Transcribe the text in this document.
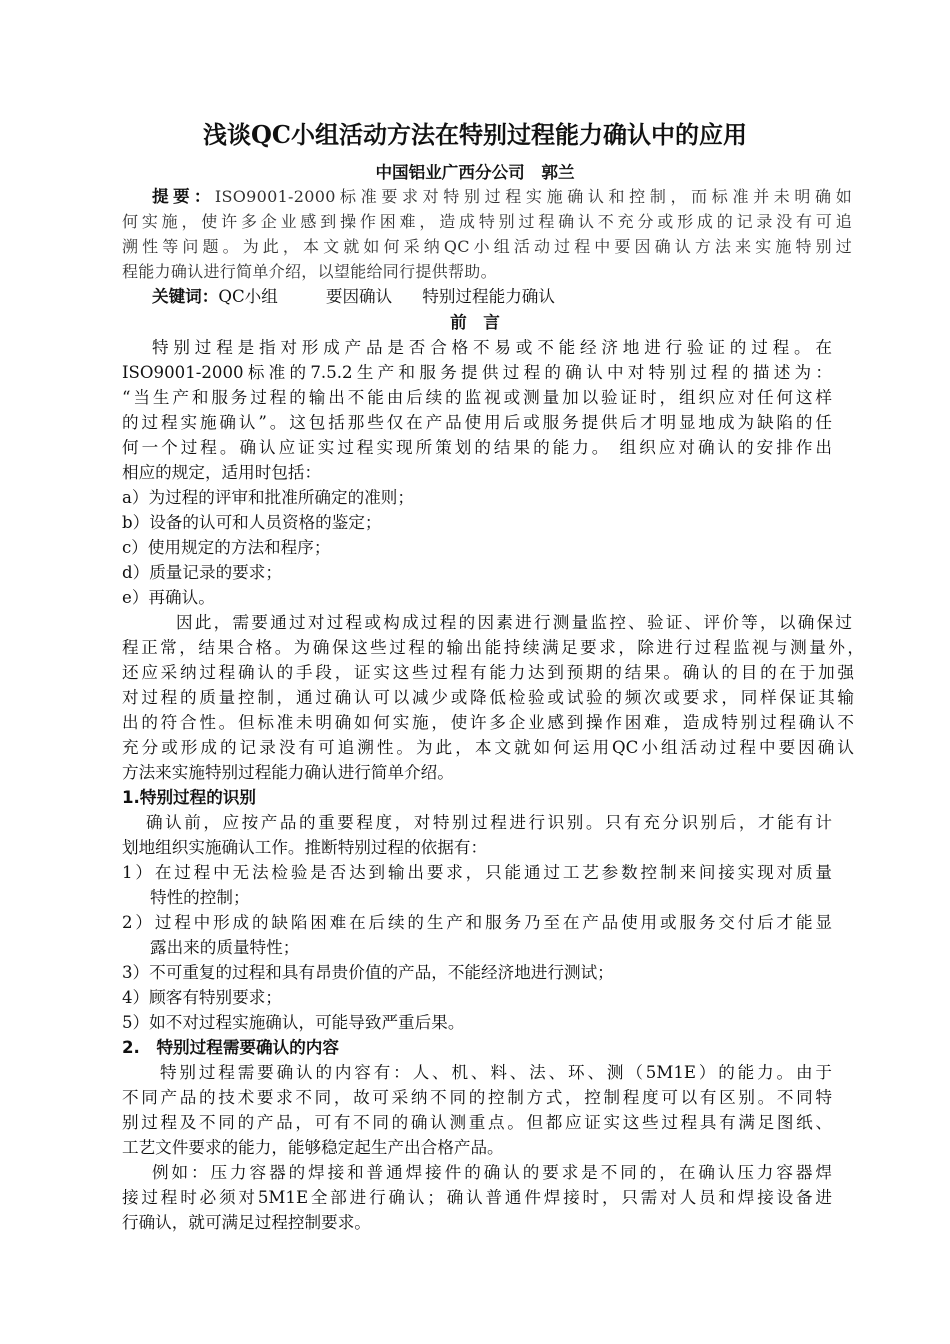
浅谈QC小组活动方法在特别过程能力确认中的应用
中国铝业广西分公司　郭兰
提要：ISO9001-2000标准要求对特别过程实施确认和控制，而标准并未明确如
何实施，使许多企业感到操作困难，造成特别过程确认不充分或形成的记录没有可追
溯性等问题。为此，本文就如何采纳QC小组活动过程中要因确认方法来实施特别过
程能力确认进行简单介绍，以望能给同行提供帮助。
关键词：QC小组	要因确认 特别过程能力确认
前　言
特别过程是指对形成产品是否合格不易或不能经济地进行验证的过程。在
ISO9001-2000标准的7.5.2生产和服务提供过程的确认中对特别过程的描述为：
“当生产和服务过程的输出不能由后续的监视或测量加以验证时，组织应对任何这样
的过程实施确认”。这包括那些仅在产品使用后或服务提供后才明显地成为缺陷的任
何一个过程。确认应证实过程实现所策划的结果的能力。 组织应对确认的安排作出
相应的规定，适用时包括：
a）为过程的评审和批准所确定的准则；
b）设备的认可和人员资格的鉴定；
c）使用规定的方法和程序；
d）质量记录的要求；
e）再确认。
因此，需要通过对过程或构成过程的因素进行测量监控、验证、评价等，以确保过
程正常，结果合格。为确保这些过程的输出能持续满足要求，除进行过程监视与测量外，
还应采纳过程确认的手段，证实这些过程有能力达到预期的结果。确认的目的在于加强
对过程的质量控制，通过确认可以减少或降低检验或试验的频次或要求，同样保证其输
出的符合性。但标准未明确如何实施，使许多企业感到操作困难，造成特别过程确认不
充分或形成的记录没有可追溯性。为此，本文就如何运用QC小组活动过程中要因确认
方法来实施特别过程能力确认进行简单介绍。
1.特别过程的识别
确认前，应按产品的重要程度，对特别过程进行识别。只有充分识别后，才能有计
划地组织实施确认工作。推断特别过程的依据有：
1）在过程中无法检验是否达到输出要求，只能通过工艺参数控制来间接实现对质量
特性的控制；
2）过程中形成的缺陷困难在后续的生产和服务乃至在产品使用或服务交付后才能显
露出来的质量特性；
3）不可重复的过程和具有昂贵价值的产品，不能经济地进行测试；
4）顾客有特别要求；
5）如不对过程实施确认，可能导致严重后果。
2.　特别过程需要确认的内容
特别过程需要确认的内容有：人、机、料、法、环、测（5M1E）的能力。由于
不同产品的技术要求不同，故可采纳不同的控制方式，控制程度可以有区别。不同特
别过程及不同的产品，可有不同的确认测重点。但都应证实这些过程具有满足图纸、
工艺文件要求的能力，能够稳定起生产出合格产品。
例如：压力容器的焊接和普通焊接件的确认的要求是不同的，在确认压力容器焊
接过程时必须对5M1E全部进行确认；确认普通件焊接时，只需对人员和焊接设备进
行确认，就可满足过程控制要求。
